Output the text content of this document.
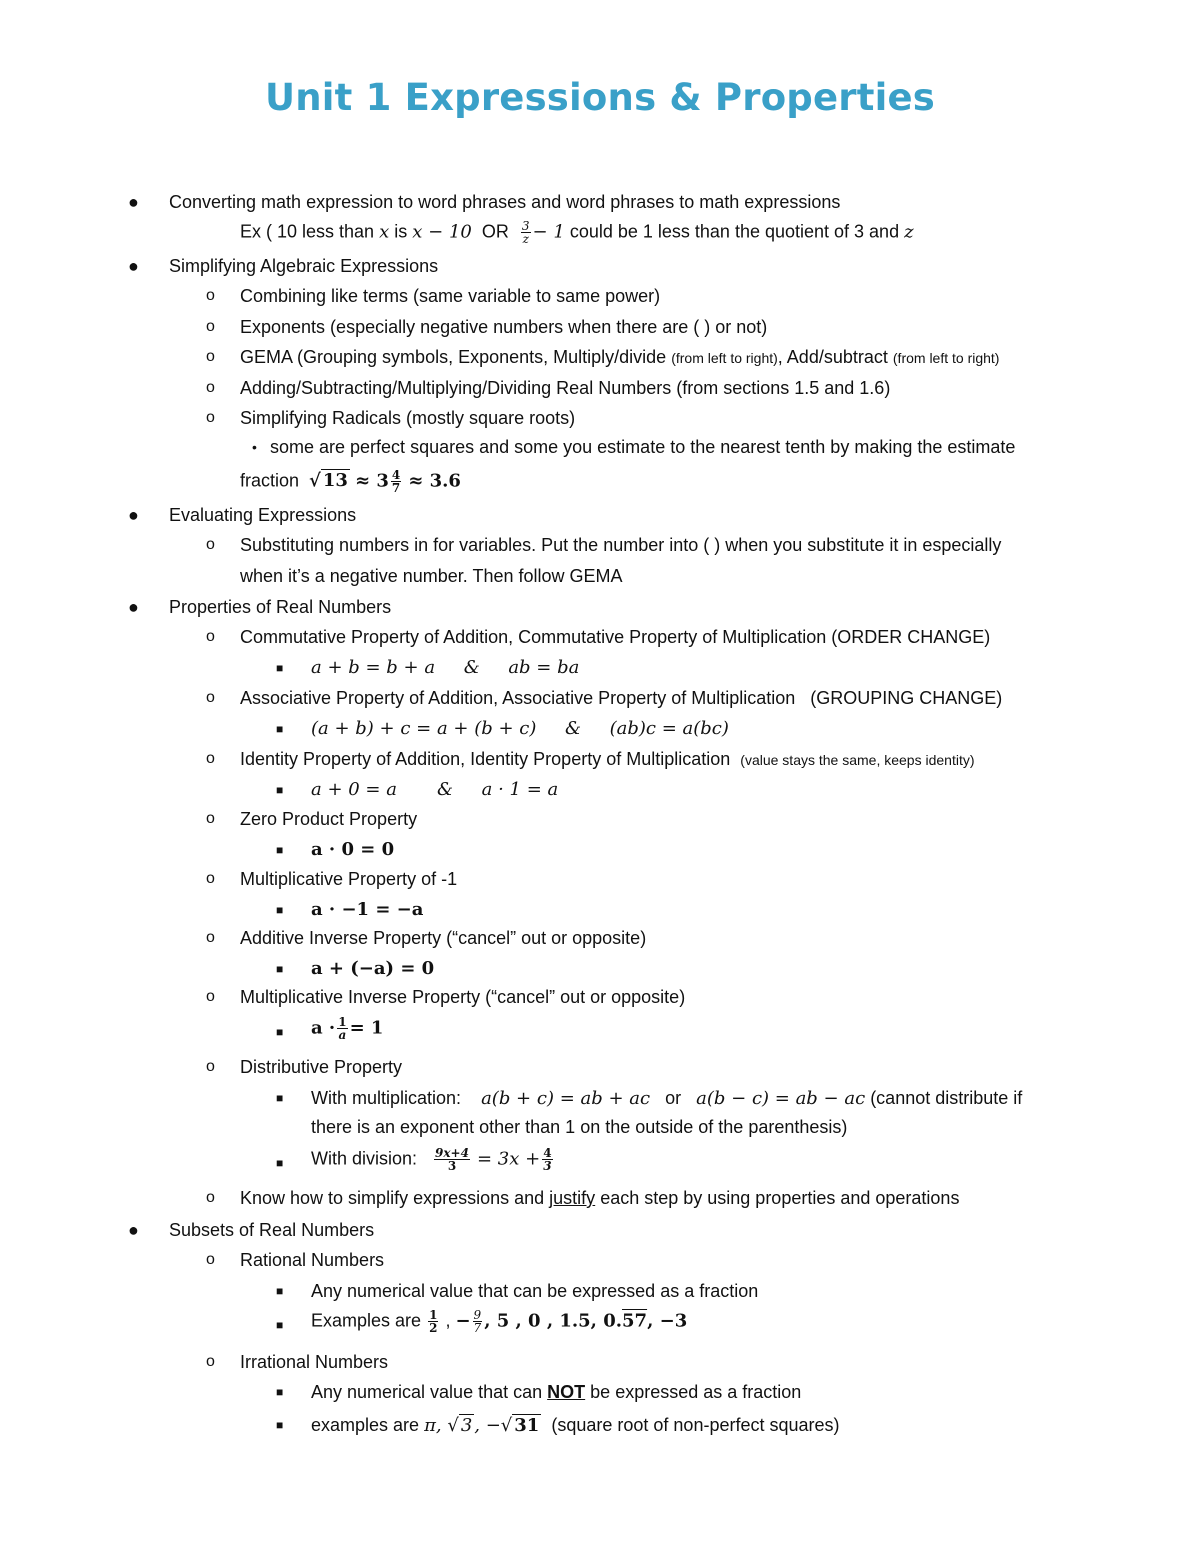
Unit 1 Expressions & Properties
● Converting math expression to word phrases and word phrases to math expressions
Ex ( 10 less than x is x − 10 OR $\frac{3}{z} - 1$ could be 1 less than the quotient of 3 and z
● Simplifying Algebraic Expressions
o Combining like terms (same variable to same power)
o Exponents (especially negative numbers when there are ( ) or not)
o GEMA (Grouping symbols, Exponents, Multiply/divide (from left to right), Add/subtract (from left to right)
o Adding/Subtracting/Multiplying/Dividing Real Numbers (from sections 1.5 and 1.6)
o Simplifying Radicals (mostly square roots)
• some are perfect squares and some you estimate to the nearest tenth by making the estimate
fraction √ $13 \approx 3 \frac{4}{7} \approx 3.6$
● Evaluating Expressions
o Substituting numbers in for variables. Put the number into ( ) when you substitute it in especially
when it’s a negative number. Then follow GEMA
● Properties of Real Numbers
o Commutative Property of Addition, Commutative Property of Multiplication (ORDER CHANGE)
■ a + b = b + a     &     ab = ba
o Associative Property of Addition, Associative Property of Multiplication   (GROUPING CHANGE)
■ (a + b) + c = a + (b + c)     &     (ab)c = a(bc)
o Identity Property of Addition, Identity Property of Multiplication (value stays the same, keeps identity)
■ a + 0 = a       &     a · 1 = a
o Zero Product Property
■ a · 0 = 0
o Multiplicative Property of -1
■ a · −1 = −a
o Additive Inverse Property (“cancel” out or opposite)
■ a + (−a) = 0
o Multiplicative Inverse Property (“cancel” out or opposite)
■ $a \cdot \frac{1}{a} = 1$
o Distributive Property
■ With multiplication: a(b + c) = ab + ac or a(b − c) = ab − ac (cannot distribute if
there is an exponent other than 1 on the outside of the parenthesis)
■ With division: $\frac{9x+4}{3} = 3x + \frac{4}{3}$
o Know how to simplify expressions and justify each step by using properties and operations
● Subsets of Real Numbers
o Rational Numbers
■ Any numerical value that can be expressed as a fraction
■ Examples are $\frac{1}{2}$ , − $\frac{9}{7}$ , 5 , 0 , 1.5, 0.57, −3
o Irrational Numbers
■ Any numerical value that can NOT be expressed as a fraction
■ examples are π, √ 3 , −√ 31 (square root of non-perfect squares)
